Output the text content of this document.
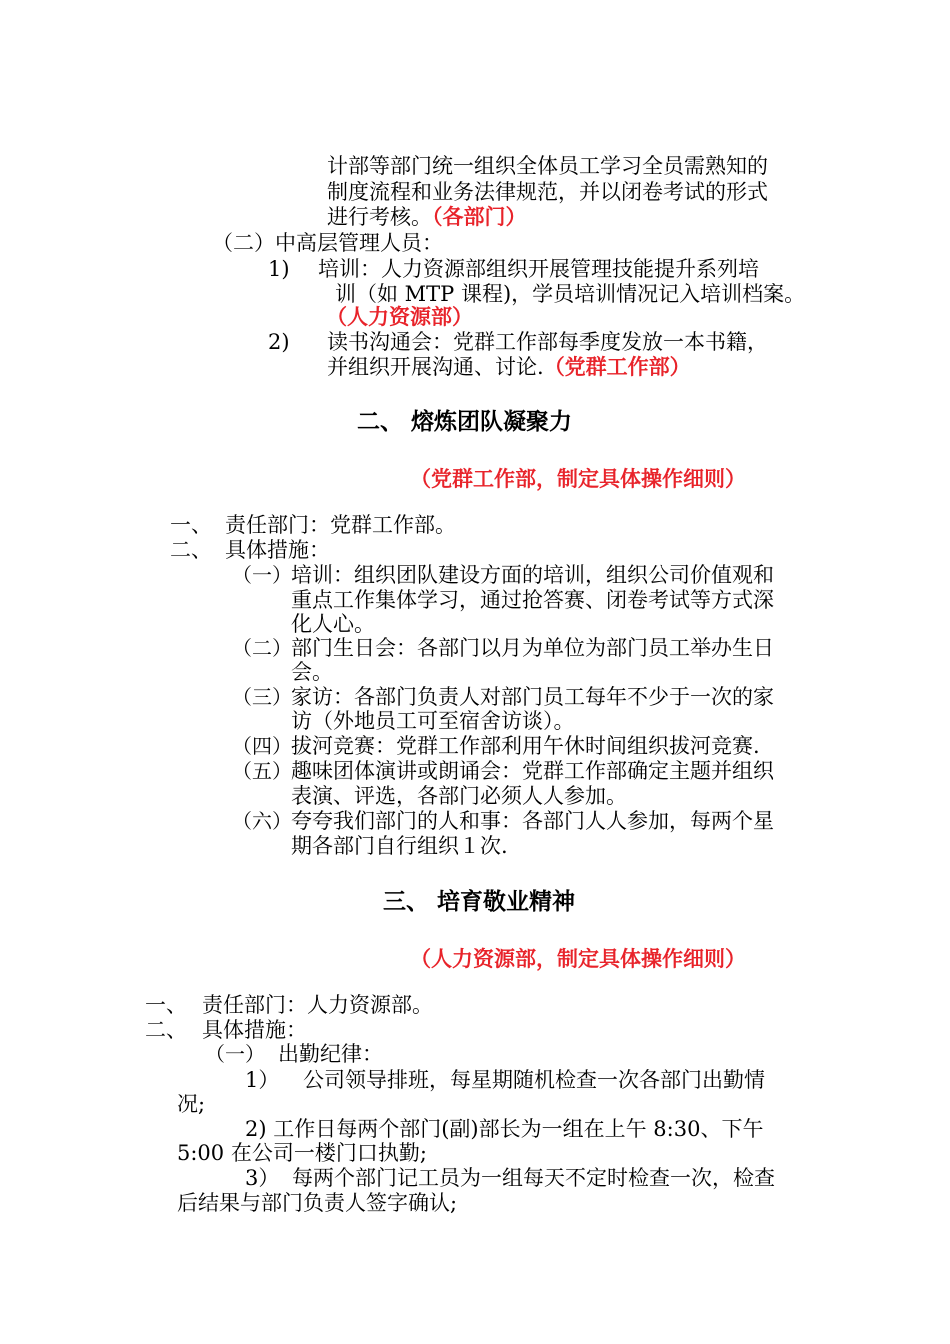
计部等部门统一组织全体员工学习全员需熟知的
制度流程和业务法律规范，并以闭卷考试的形式
进行考核。（各部门）
（二）中高层管理人员：
1) 培训：人力资源部组织开展管理技能提升系列培
训（如 MTP 课程)，学员培训情况记入培训档案。
（人力资源部）
2) 读书沟通会：党群工作部每季度发放一本书籍，
并组织开展沟通、讨论.（党群工作部）
二、 熔炼团队凝聚力
（党群工作部，制定具体操作细则）
一、 责任部门：党群工作部。
二、 具体措施：
（一） 培训：组织团队建设方面的培训，组织公司价值观和
重点工作集体学习，通过抢答赛、闭卷考试等方式深
化人心。
（二） 部门生日会：各部门以月为单位为部门员工举办生日
会。
（三） 家访：各部门负责人对部门员工每年不少于一次的家
访（外地员工可至宿舍访谈）。
（四） 拔河竞赛：党群工作部利用午休时间组织拔河竞赛.
（五） 趣味团体演讲或朗诵会：党群工作部确定主题并组织
表演、评选，各部门必须人人参加。
（六） 夸夸我们部门的人和事：各部门人人参加，每两个星
期各部门自行组织１次.
三、 培育敬业精神
（人力资源部，制定具体操作细则）
一、 责任部门：人力资源部。
二、 具体措施：
（一） 出勤纪律：
1） 公司领导排班，每星期随机检查一次各部门出勤情
况;
2) 工作日每两个部门(副)部长为一组在上午 8:30、下午
5:00 在公司一楼门口执勤;
3） 每两个部门记工员为一组每天不定时检查一次，检查
后结果与部门负责人签字确认;
